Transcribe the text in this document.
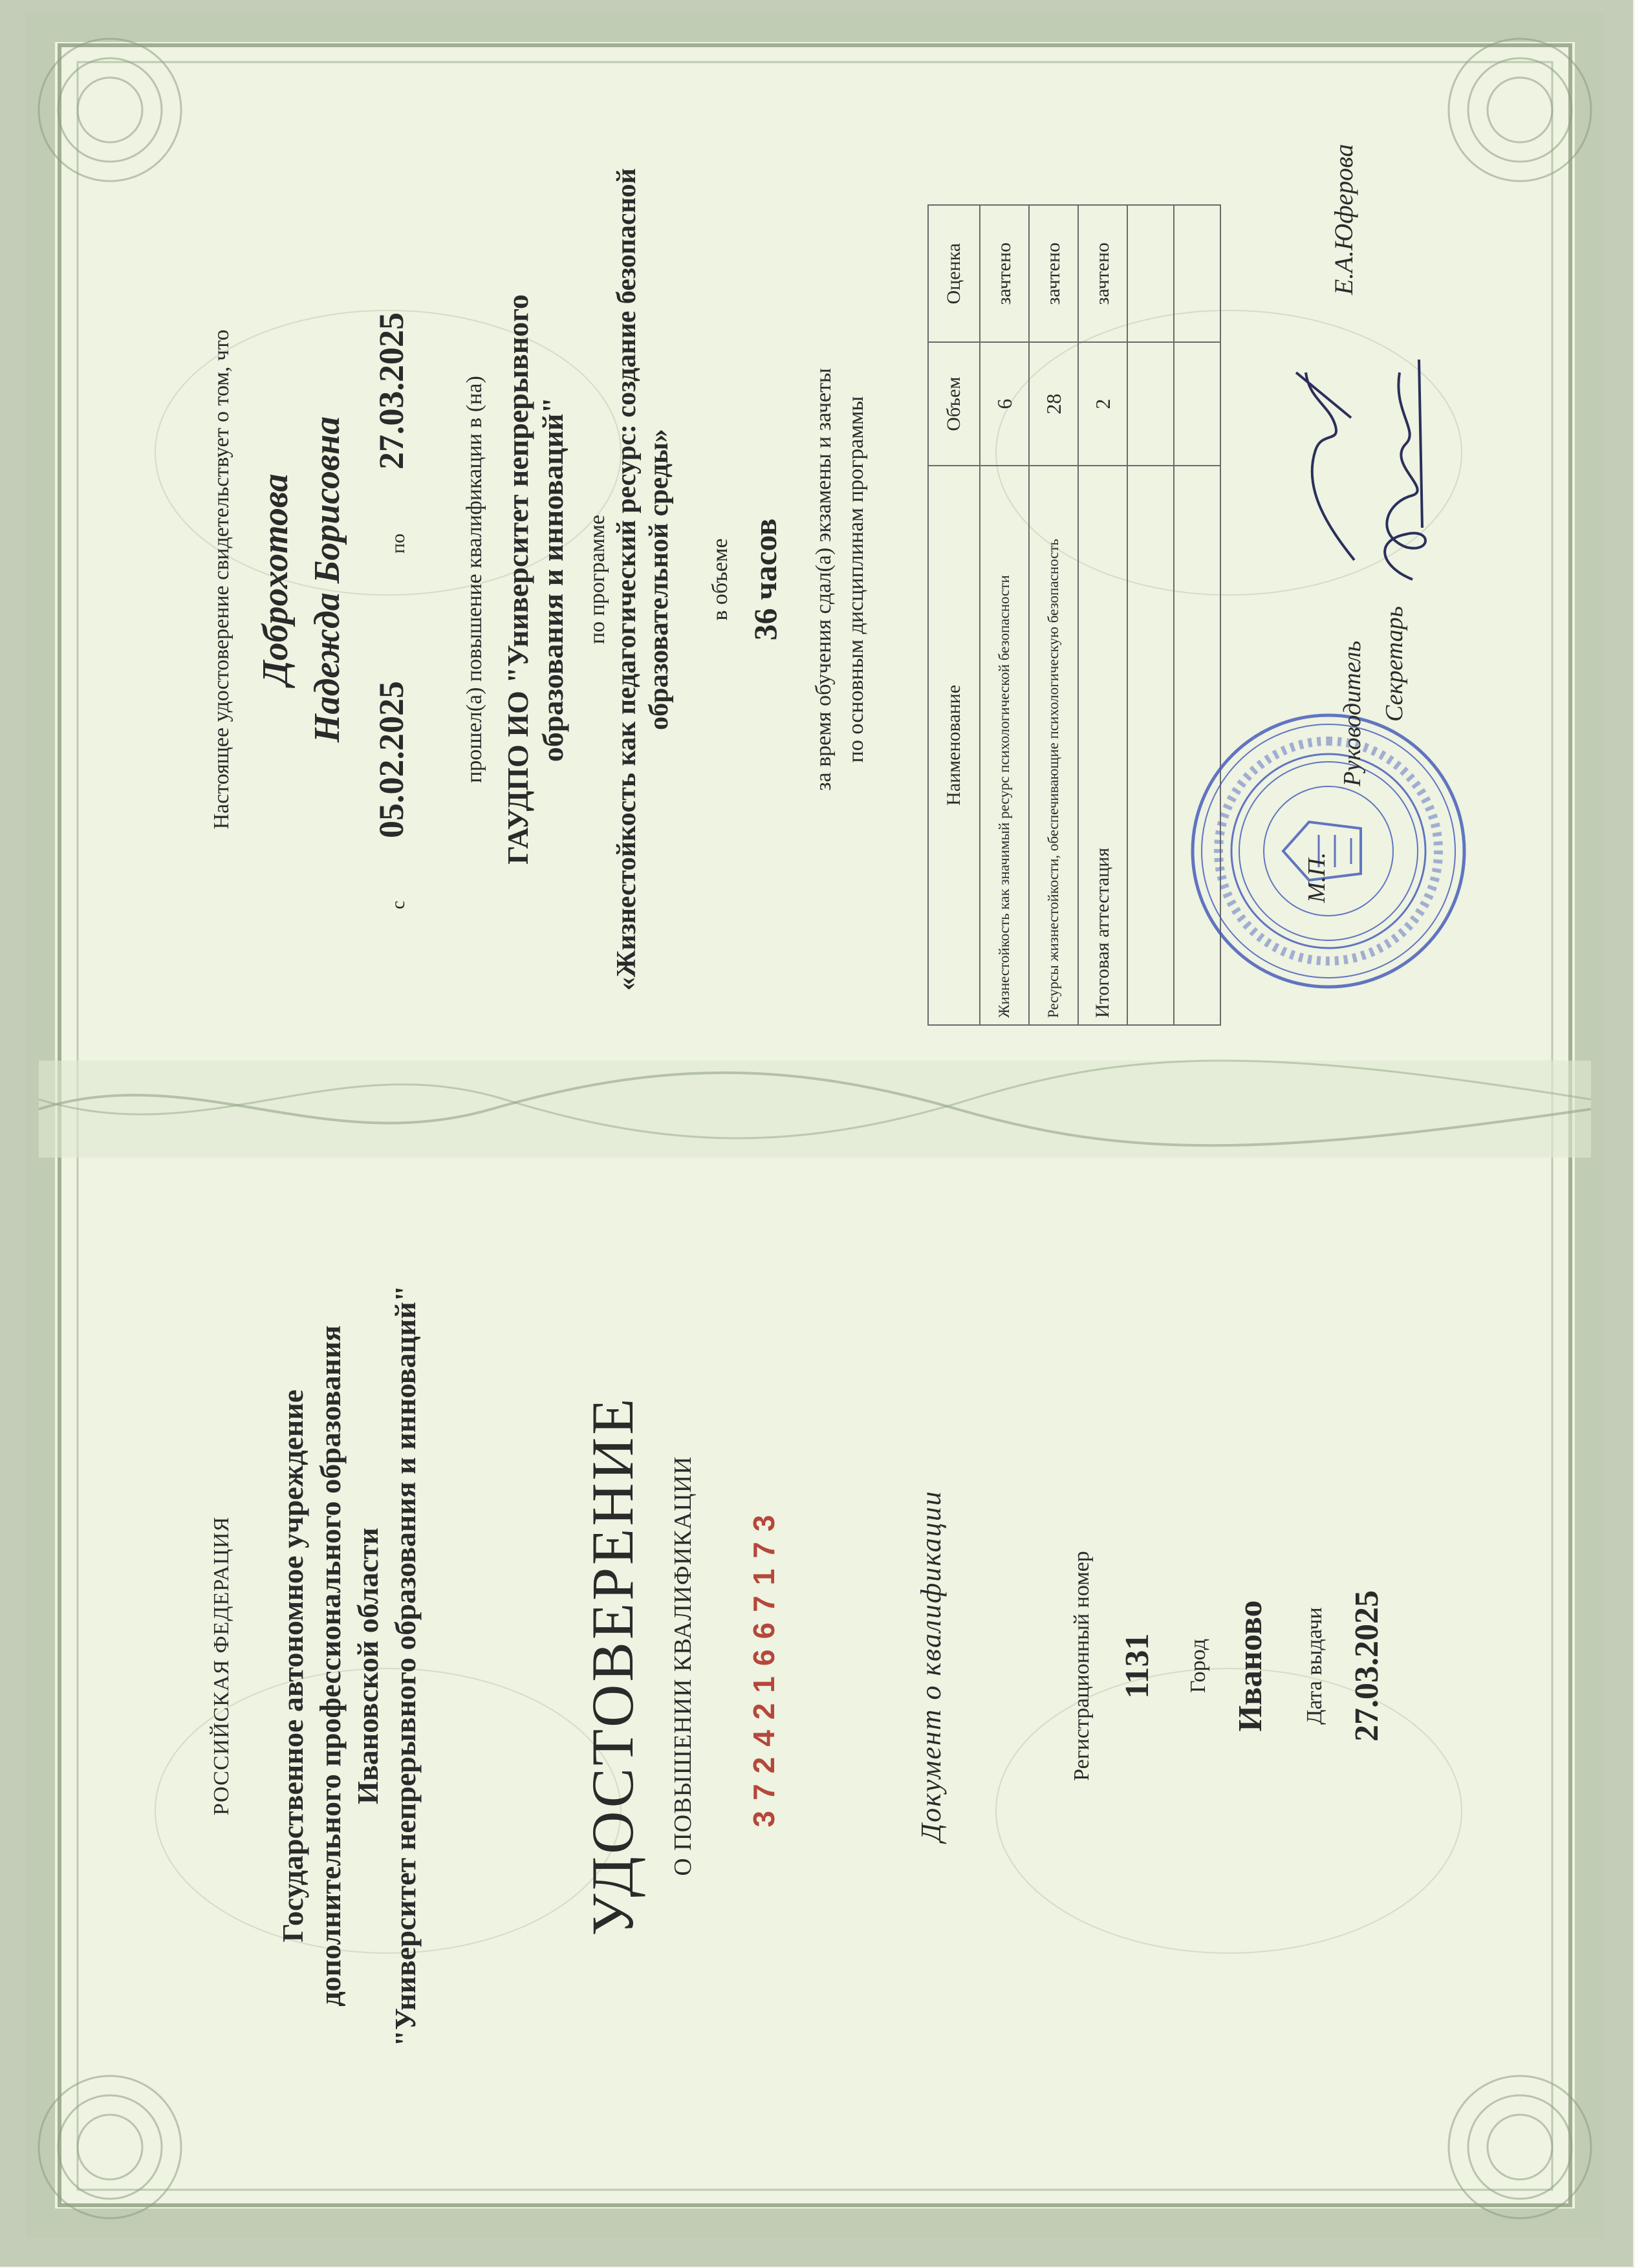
РОССИЙСКАЯ ФЕДЕРАЦИЯ Государственное автономное учреждение дополнительного профессионального образования Ивановской области "Университет непрерывного образования и инноваций"	УДОСТОВЕРЕНИЕ О ПОВЫШЕНИИ КВАЛИФИКАЦИИ 372421667173	Документ о квалификации	Регистрационный номер 1131 Город Иваново Дата выдачи 27.03.2025
Настоящее удостоверение свидетельствует о том, что Доброхотова Надежда Борисовна
с
05.02.2025
по
27.03.2025 прошел(а) повышение квалификации в (на) ГАУДПО ИО "Университет непрерывного образования и инноваций" по программе «Жизнестойкость как педагогический ресурс: создание безопасной образовательной среды» в объеме 36 часов за время обучения сдал(а) экзамены и зачеты по основным дисциплинам программы	Наименование	Объем	Оценка
Жизнестойкость как значимый ресурс психологической безопасности	6	зачтено
Ресурсы жизнестойкости, обеспечивающие психологическую безопасность	28	зачтено
Итоговая аттестация	2	зачтено

М.П.
Руководитель Секретарь
Е.А.Юферова
